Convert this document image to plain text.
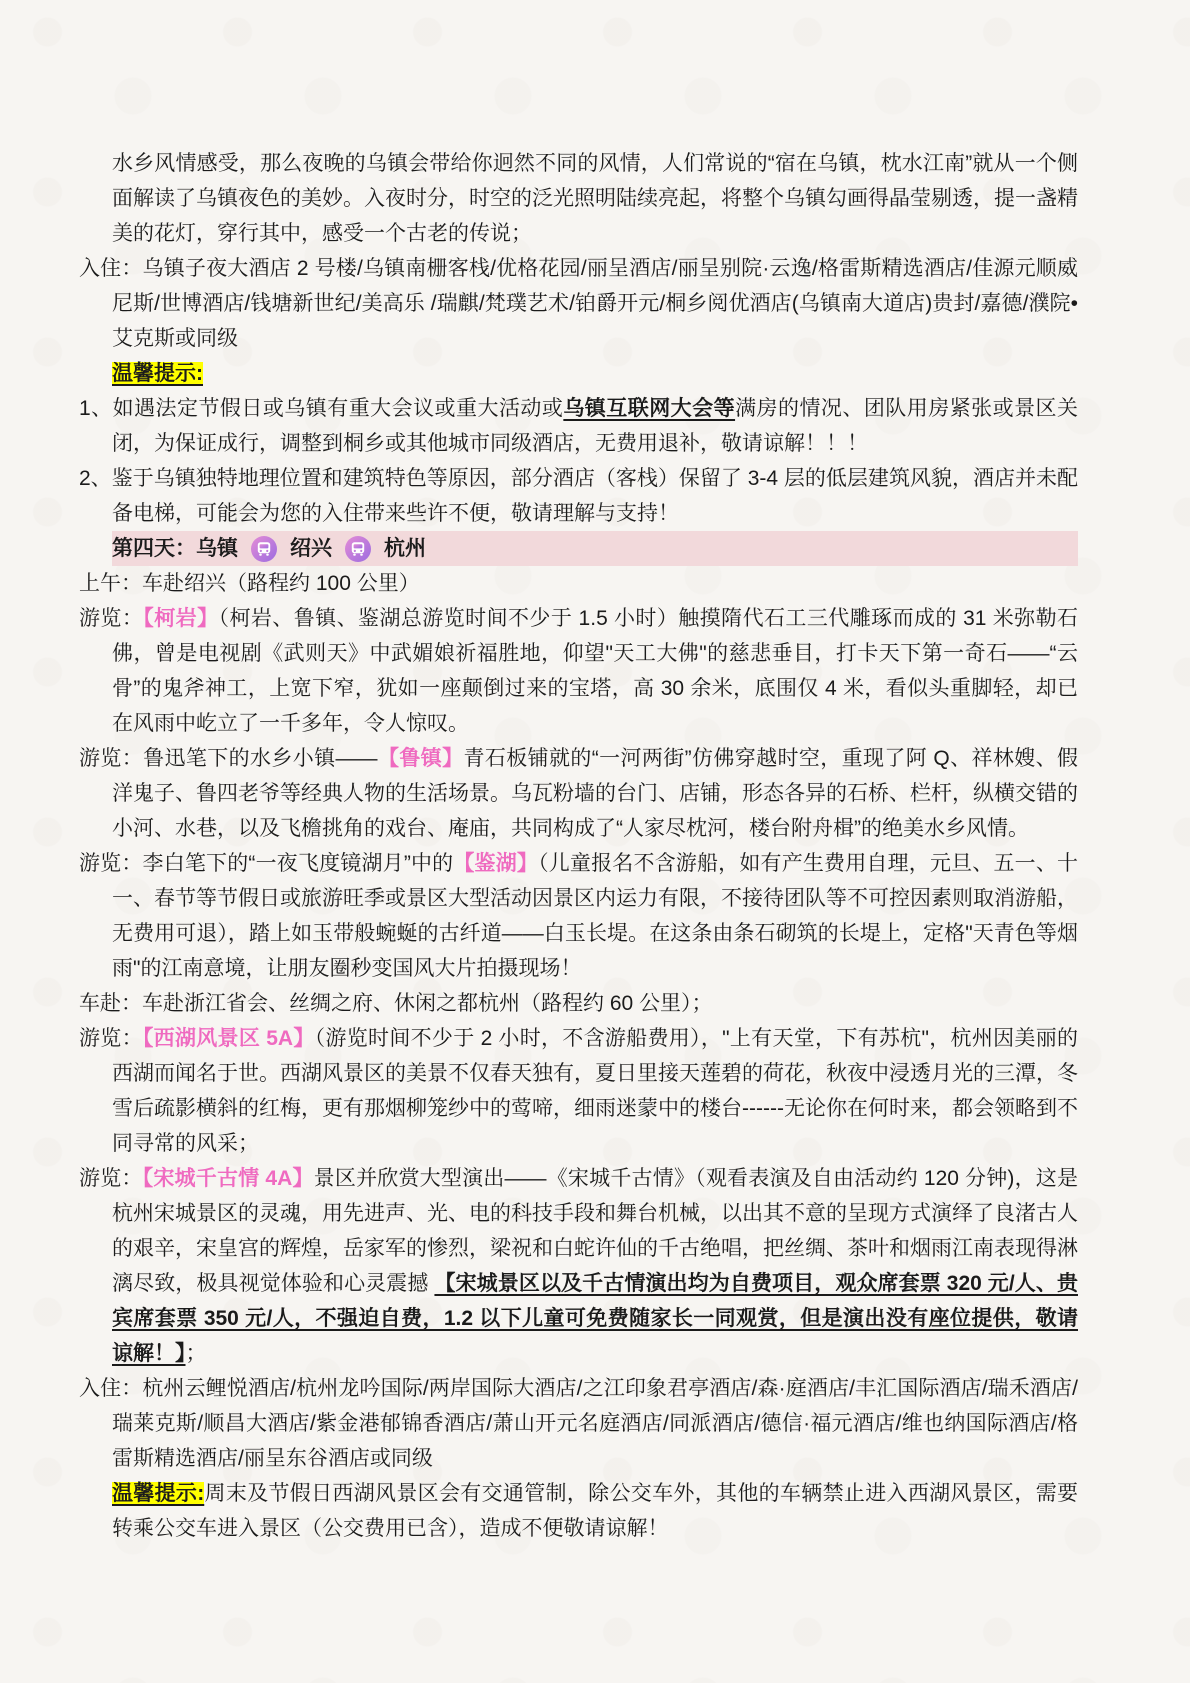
水乡风情感受，那么夜晚的乌镇会带给你迥然不同的风情，人们常说的“宿在乌镇，枕水江南”就从一个侧面解读了乌镇夜色的美妙。入夜时分，时空的泛光照明陆续亮起，将整个乌镇勾画得晶莹剔透，提一盏精美的花灯，穿行其中，感受一个古老的传说；

入住：乌镇子夜大酒店 2 号楼/乌镇南栅客栈/优格花园/丽呈酒店/丽呈别院·云逸/格雷斯精选酒店/佳源元顺威尼斯/世博酒店/钱塘新世纪/美高乐 /瑞麒/梵璞艺术/铂爵开元/桐乡阅优酒店(乌镇南大道店)贵封/嘉德/濮院•艾克斯或同级

温馨提示:

1、如遇法定节假日或乌镇有重大会议或重大活动或乌镇互联网大会等满房的情况、团队用房紧张或景区关闭，为保证成行，调整到桐乡或其他城市同级酒店，无费用退补，敬请谅解！！！

2、鉴于乌镇独特地理位置和建筑特色等原因，部分酒店（客栈）保留了 3-4 层的低层建筑风貌，酒店并未配备电梯，可能会为您的入住带来些许不便，敬请理解与支持！

第四天： 乌镇 绍兴 杭州

上午：车赴绍兴（路程约 100 公里）

游览：【柯岩】（柯岩、鲁镇、鉴湖总游览时间不少于 1.5 小时）触摸隋代石工三代雕琢而成的 31 米弥勒石佛，曾是电视剧《武则天》中武媚娘祈福胜地，仰望"天工大佛"的慈悲垂目，打卡天下第一奇石——“云骨”的鬼斧神工，上宽下窄，犹如一座颠倒过来的宝塔，高 30 余米，底围仅 4 米，看似头重脚轻，却已在风雨中屹立了一千多年，令人惊叹。

游览：鲁迅笔下的水乡小镇——【鲁镇】青石板铺就的“一河两街”仿佛穿越时空，重现了阿 Q、祥林嫂、假洋鬼子、鲁四老爷等经典人物的生活场景。乌瓦粉墙的台门、店铺，形态各异的石桥、栏杆，纵横交错的小河、水巷，以及飞檐挑角的戏台、庵庙，共同构成了“人家尽枕河，楼台附舟楫”的绝美水乡风情。

游览：李白笔下的“一夜飞度镜湖月”中的【鉴湖】（儿童报名不含游船，如有产生费用自理，元旦、五一、十一、春节等节假日或旅游旺季或景区大型活动因景区内运力有限，不接待团队等不可控因素则取消游船，无费用可退），踏上如玉带般蜿蜒的古纤道——白玉长堤。在这条由条石砌筑的长堤上，定格"天青色等烟雨"的江南意境，让朋友圈秒变国风大片拍摄现场！

车赴：车赴浙江省会、丝绸之府、休闲之都杭州（路程约 60 公里）；

游览：【西湖风景区 5A】（游览时间不少于 2 小时，不含游船费用），"上有天堂，下有苏杭"，杭州因美丽的西湖而闻名于世。西湖风景区的美景不仅春天独有，夏日里接天莲碧的荷花，秋夜中浸透月光的三潭，冬雪后疏影横斜的红梅，更有那烟柳笼纱中的莺啼，细雨迷蒙中的楼台------无论你在何时来，都会领略到不同寻常的风采；

游览：【宋城千古情 4A】景区并欣赏大型演出——《宋城千古情》（观看表演及自由活动约 120 分钟)，这是杭州宋城景区的灵魂，用先进声、光、电的科技手段和舞台机械，以出其不意的呈现方式演绎了良渚古人的艰辛，宋皇宫的辉煌，岳家军的惨烈，梁祝和白蛇许仙的千古绝唱，把丝绸、茶叶和烟雨江南表现得淋漓尽致，极具视觉体验和心灵震撼 【宋城景区以及千古情演出均为自费项目，观众席套票 320 元/人、贵宾席套票 350 元/人，不强迫自费，1.2 以下儿童可免费随家长一同观赏，但是演出没有座位提供，敬请谅解！】；

入住：杭州云鲤悦酒店/杭州龙吟国际/两岸国际大酒店/之江印象君亭酒店/森·庭酒店/丰汇国际酒店/瑞禾酒店/瑞莱克斯/顺昌大酒店/紫金港郁锦香酒店/萧山开元名庭酒店/同派酒店/德信·福元酒店/维也纳国际酒店/格雷斯精选酒店/丽呈东谷酒店或同级

温馨提示:周末及节假日西湖风景区会有交通管制，除公交车外，其他的车辆禁止进入西湖风景区，需要转乘公交车进入景区（公交费用已含），造成不便敬请谅解！
